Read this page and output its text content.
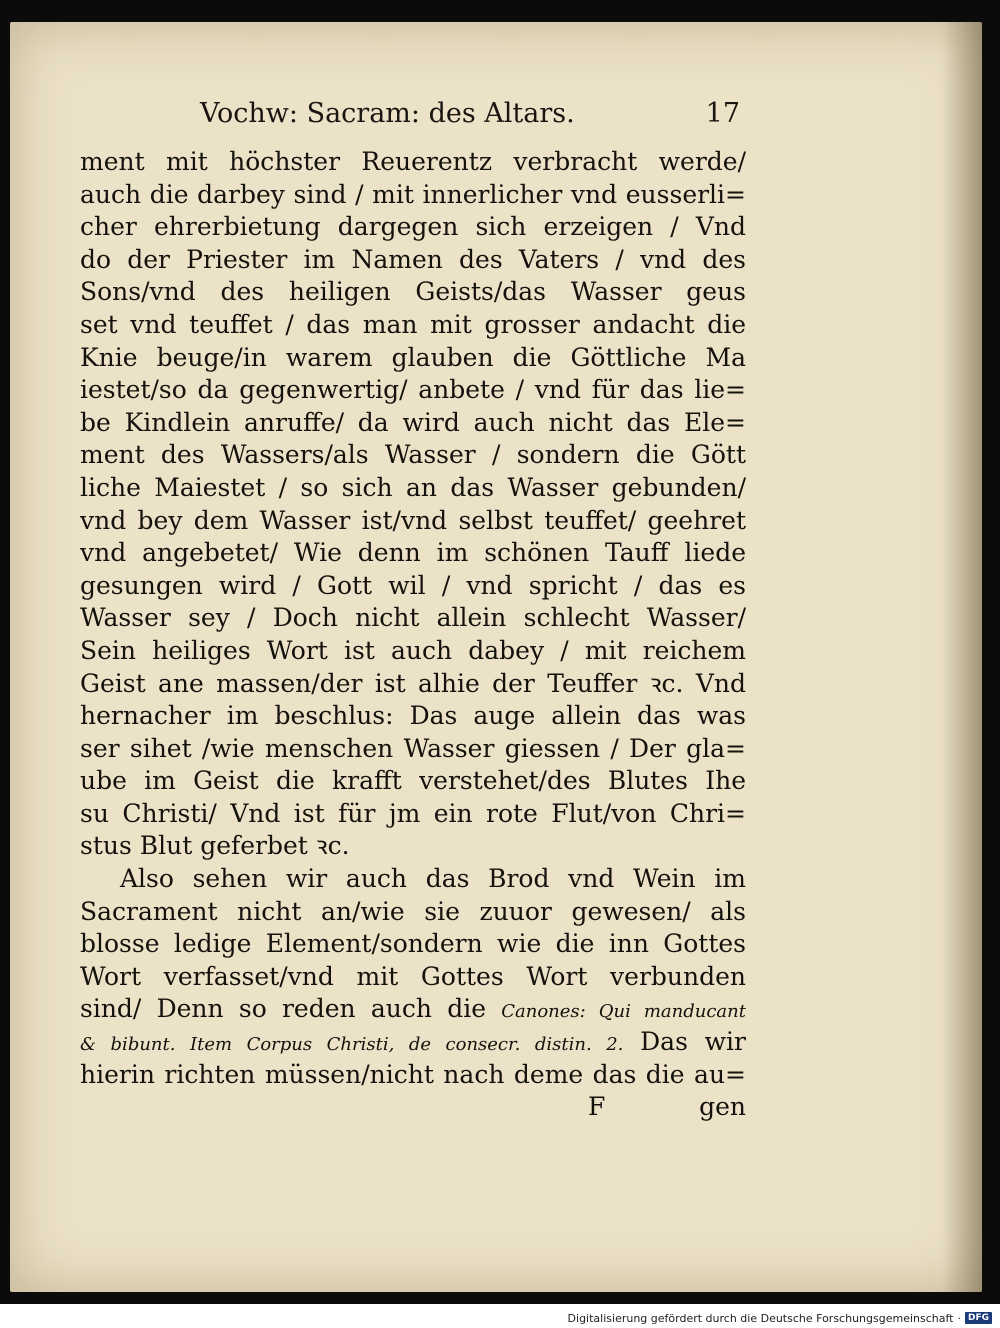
Vochw: Sacram: des Altars.	17
ment mit höchster Reuerentz verbracht werde/
auch die darbey sind / mit innerlicher vnd eusserli=
cher ehrerbietung dargegen sich erzeigen / Vnd
do der Priester im Namen des Vaters / vnd des
Sons/vnd des heiligen Geists/das Wasser geus
set vnd teuffet / das man mit grosser andacht die
Knie beuge/in warem glauben die Göttliche Ma
iestet/so da gegenwertig/ anbete / vnd für das lie=
be Kindlein anruffe/ da wird auch nicht das Ele=
ment des Wassers/als Wasser / sondern die Gött
liche Maiestet / so sich an das Wasser gebunden/
vnd bey dem Wasser ist/vnd selbst teuffet/ geehret
vnd angebetet/ Wie denn im schönen Tauff liede
gesungen wird / Gott wil / vnd spricht / das es
Wasser sey / Doch nicht allein schlecht Wasser/
Sein heiliges Wort ist auch dabey / mit reichem
Geist ane massen/der ist alhie der Teuffer ꝛc. Vnd
hernacher im beschlus: Das auge allein das was
ser sihet /wie menschen Wasser giessen / Der gla=
ube im Geist die krafft verstehet/des Blutes Ihe
su Christi/ Vnd ist für jm ein rote Flut/von Chri=
stus Blut geferbet ꝛc.
Also sehen wir auch das Brod vnd Wein im
Sacrament nicht an/wie sie zuuor gewesen/ als
blosse ledige Element/sondern wie die inn Gottes
Wort verfasset/vnd mit Gottes Wort verbunden
sind/ Denn so reden auch die Canones: Qui manducant
& bibunt. Item Corpus Christi, de consecr. distin. 2. Das wir
hierin richten müssen/nicht nach deme das die au=
F	gen
Digitalisierung gefördert durch die Deutsche Forschungsgemeinschaft · DFG
